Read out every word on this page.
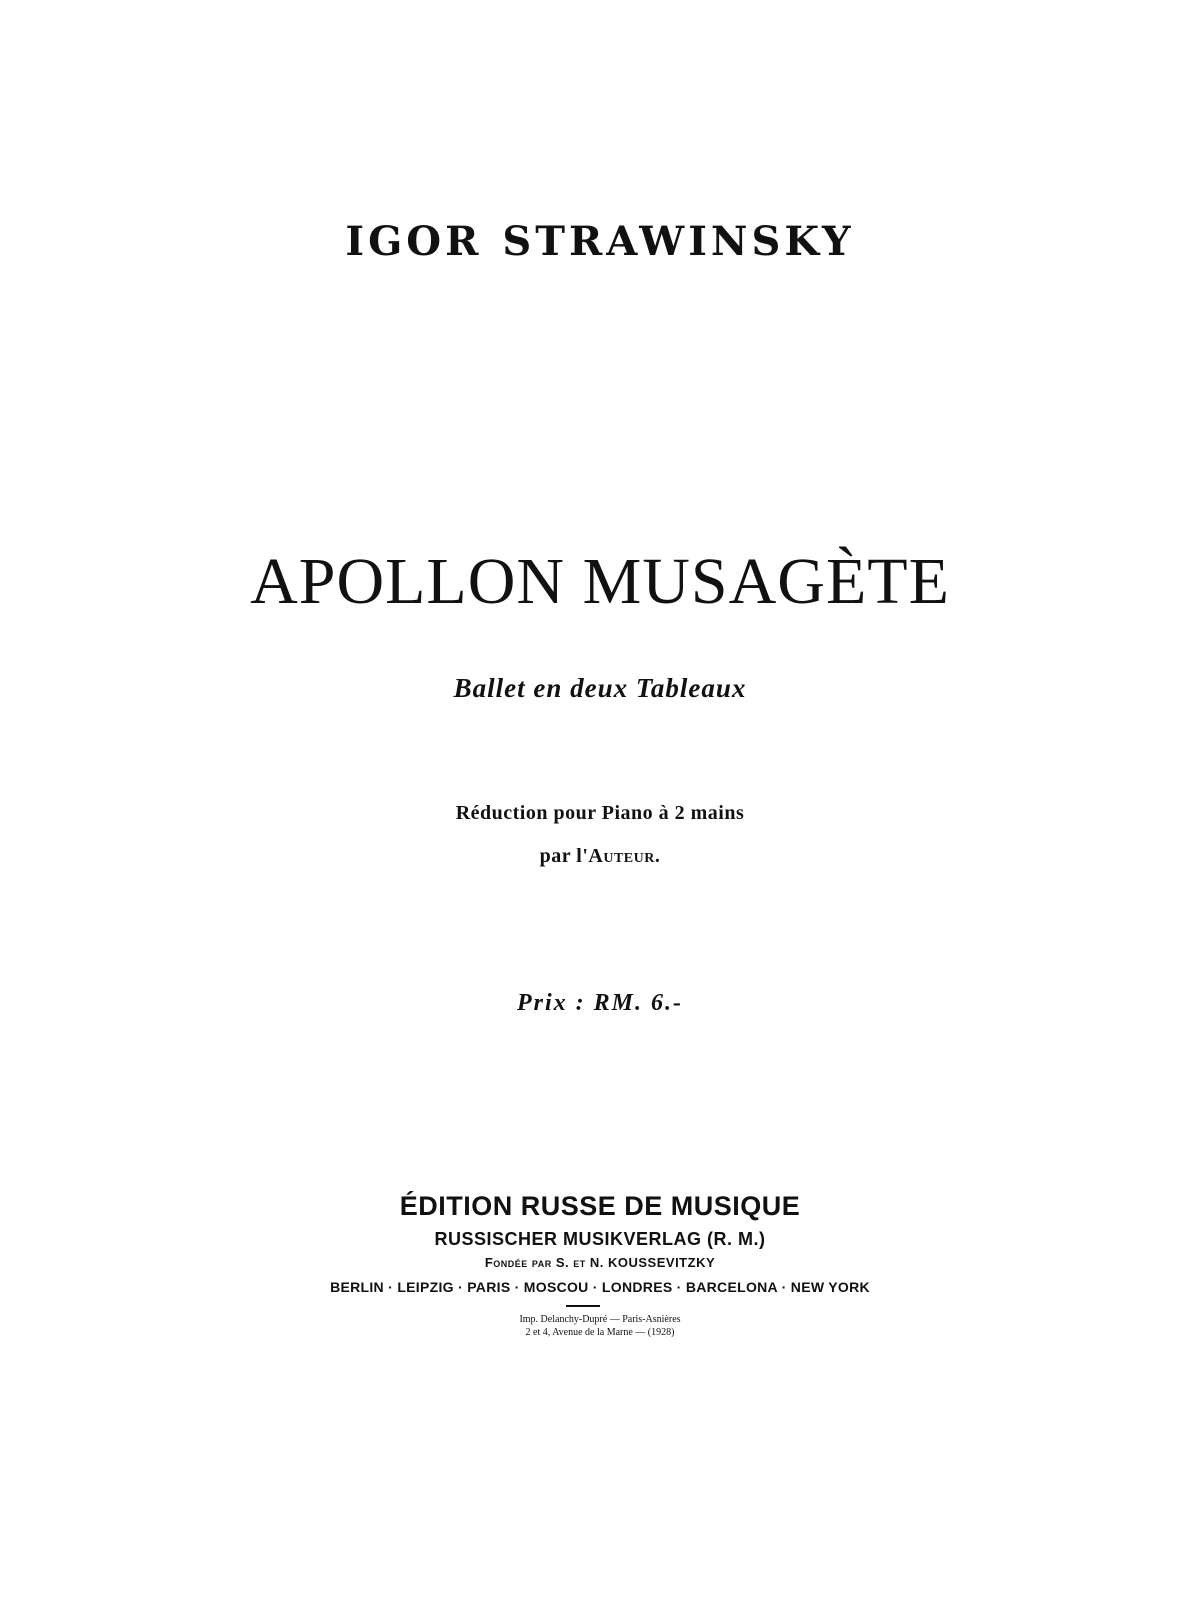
IGOR STRAWINSKY
APOLLON MUSAGÈTE
Ballet en deux Tableaux
Réduction pour Piano à 2 mains
par l'Auteur.
Prix : RM. 6.-
ÉDITION RUSSE DE MUSIQUE
RUSSISCHER MUSIKVERLAG (R. M.)
Fondée par S. et N. KOUSSEVITZKY
BERLIN · LEIPZIG · PARIS · MOSCOU · LONDRES · BARCELONA · NEW YORK
Imp. Delanchy-Dupré — Paris-Asnières
2 et 4, Avenue de la Marne — (1928)
